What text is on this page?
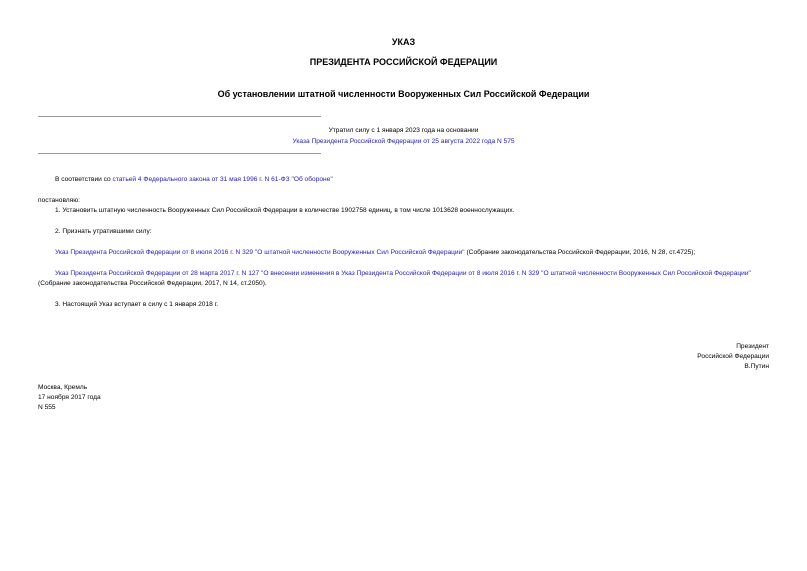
УКАЗ
ПРЕЗИДЕНТА РОССИЙСКОЙ ФЕДЕРАЦИИ
Об установлении штатной численности Вооруженных Сил Российской Федерации
Утратил силу с 1 января 2023 года на основании
Указа Президента Российской Федерации от 25 августа 2022 года N 575
В соответствии со статьей 4 Федерального закона от 31 мая 1996 г. N 61-ФЗ "Об обороне"
постановляю:
1. Установить штатную численность Вооруженных Сил Российской Федерации в количестве 1902758 единиц, в том числе 1013628 военнослужащих.
2. Признать утратившими силу:
Указ Президента Российской Федерации от 8 июля 2016 г. N 329 "О штатной численности Вооруженных Сил Российской Федерации" (Собрание законодательства Российской Федерации, 2016, N 28, ст.4725);
Указ Президента Российской Федерации от 28 марта 2017 г. N 127 "О внесении изменения в Указ Президента Российской Федерации от 8 июля 2016 г. N 329 "О штатной численности Вооруженных Сил Российской Федерации" (Собрание законодательства Российской Федерации, 2017, N 14, ст.2050).
3. Настоящий Указ вступает в силу с 1 января 2018 г.
Президент
Российской Федерации
В.Путин
Москва, Кремль
17 ноября 2017 года
N 555
